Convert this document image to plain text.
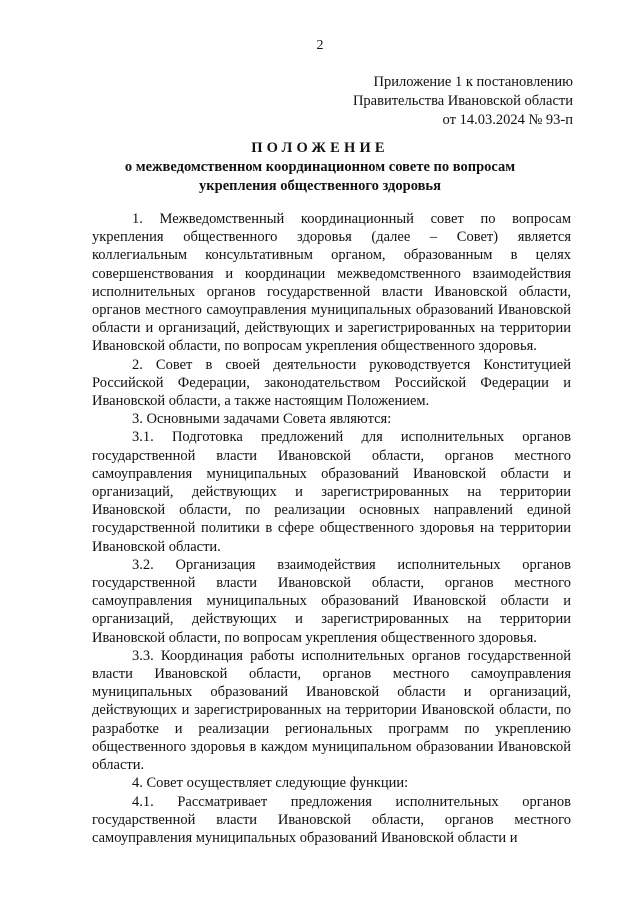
2
Приложение 1 к постановлению
Правительства Ивановской области
от 14.03.2024 № 93-п
ПОЛОЖЕНИЕ
о межведомственном координационном совете по вопросам
укрепления общественного здоровья

1. Межведомственный координационный совет по вопросам укрепления общественного здоровья (далее – Совет) является коллегиальным консультативным органом, образованным в целях совершенствования и координации межведомственного взаимодействия исполнительных органов государственной власти Ивановской области, органов местного самоуправления муниципальных образований Ивановской области и организаций, действующих и зарегистрированных на территории Ивановской области, по вопросам укрепления общественного здоровья.

2. Совет в своей деятельности руководствуется Конституцией Российской Федерации, законодательством Российской Федерации и Ивановской области, а также настоящим Положением.

3. Основными задачами Совета являются:

3.1. Подготовка предложений для исполнительных органов государственной власти Ивановской области, органов местного самоуправления муниципальных образований Ивановской области и организаций, действующих и зарегистрированных на территории Ивановской области, по реализации основных направлений единой государственной политики в сфере общественного здоровья на территории Ивановской области.

3.2. Организация взаимодействия исполнительных органов государственной власти Ивановской области, органов местного самоуправления муниципальных образований Ивановской области и организаций, действующих и зарегистрированных на территории Ивановской области, по вопросам укрепления общественного здоровья.

3.3. Координация работы исполнительных органов государственной власти Ивановской области, органов местного самоуправления муниципальных образований Ивановской области и организаций, действующих и зарегистрированных на территории Ивановской области, по разработке и реализации региональных программ по укреплению общественного здоровья в каждом муниципальном образовании Ивановской области.

4. Совет осуществляет следующие функции:

4.1. Рассматривает предложения исполнительных органов государственной власти Ивановской области, органов местного самоуправления муниципальных образований Ивановской области и
